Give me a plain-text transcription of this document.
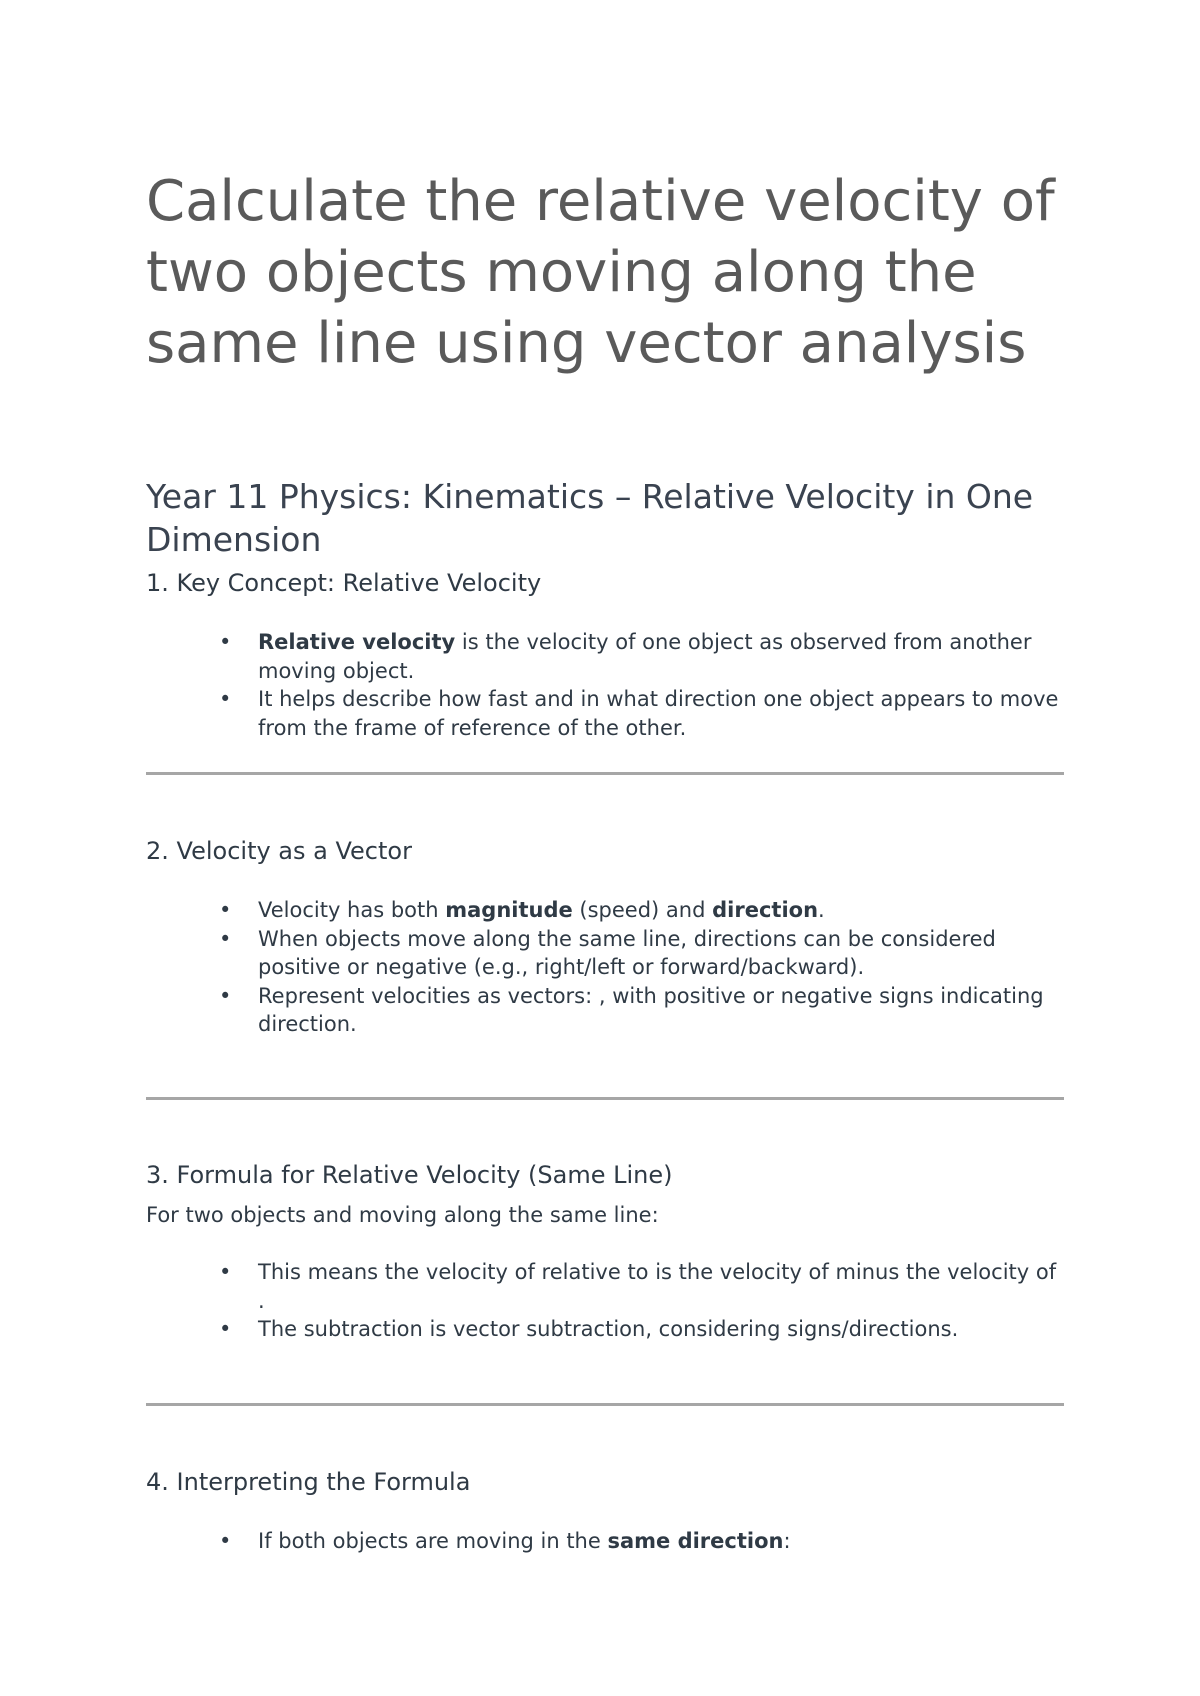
Calculate the relative velocity of two objects moving along the same line using vector analysis
Year 11 Physics: Kinematics – Relative Velocity in One Dimension
1. Key Concept: Relative Velocity
• Relative velocity is the velocity of one object as observed from another moving object.
• It helps describe how fast and in what direction one object appears to move from the frame of reference of the other.
2. Velocity as a Vector
• Velocity has both magnitude (speed) and direction.
• When objects move along the same line, directions can be considered positive or negative (e.g., right/left or forward/backward).
• Represent velocities as vectors: , with positive or negative signs indicating direction.
3. Formula for Relative Velocity (Same Line)

For two objects and moving along the same line:

• This means the velocity of relative to is the velocity of minus the velocity of .
• The subtraction is vector subtraction, considering signs/directions.
4. Interpreting the Formula
• If both objects are moving in the same direction:
